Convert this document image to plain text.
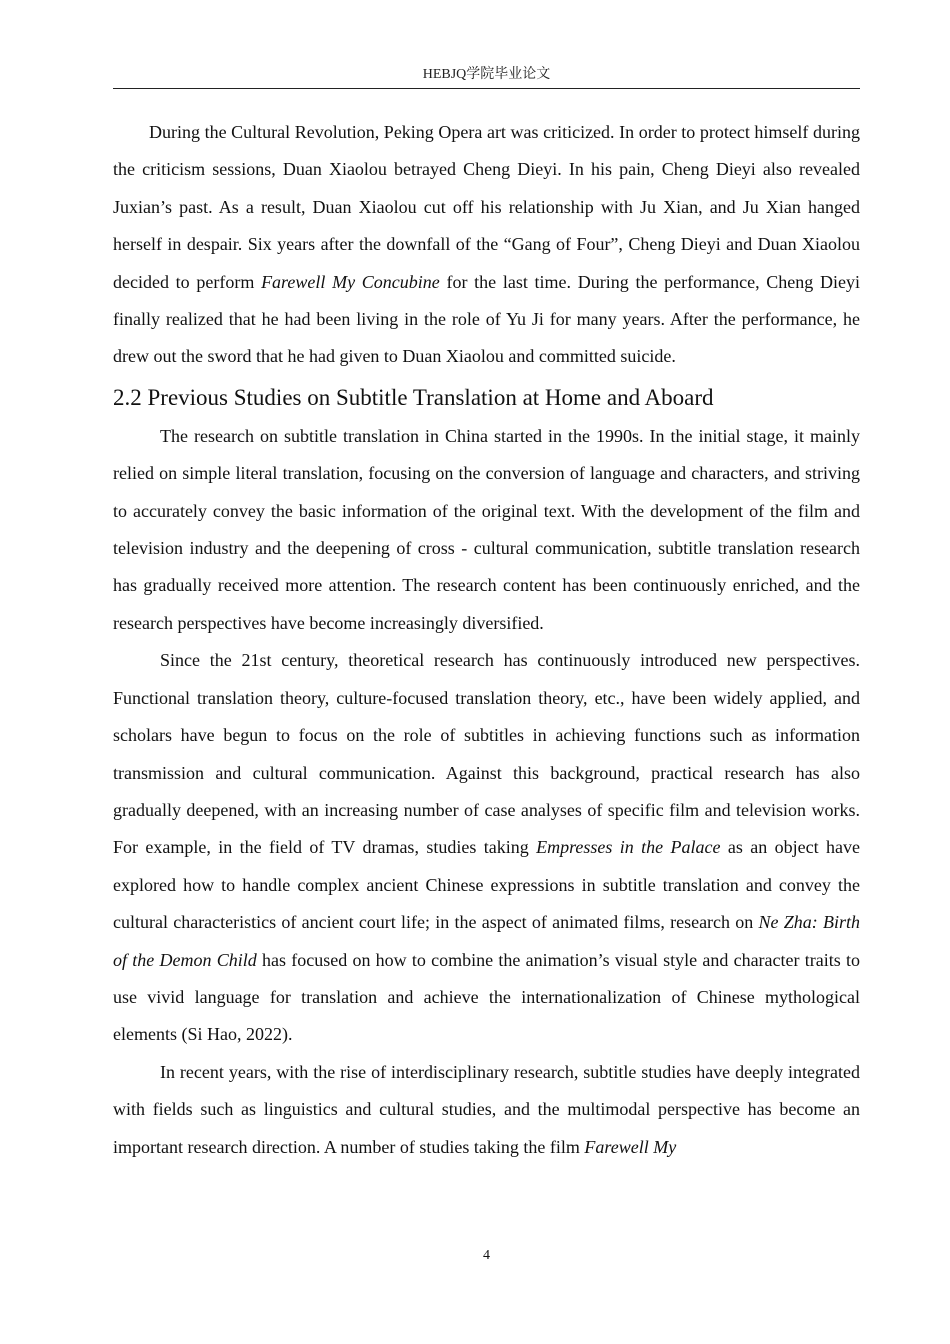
HEBJQ学院毕业论文

During the Cultural Revolution, Peking Opera art was criticized. In order to protect himself during the criticism sessions, Duan Xiaolou betrayed Cheng Dieyi. In his pain, Cheng Dieyi also revealed Juxian’s past. As a result, Duan Xiaolou cut off his relationship with Ju Xian, and Ju Xian hanged herself in despair. Six years after the downfall of the “Gang of Four”, Cheng Dieyi and Duan Xiaolou decided to perform Farewell My Concubine for the last time. During the performance, Cheng Dieyi finally realized that he had been living in the role of Yu Ji for many years. After the performance, he drew out the sword that he had given to Duan Xiaolou and committed suicide.

2.2 Previous Studies on Subtitle Translation at Home and Aboard

The research on subtitle translation in China started in the 1990s. In the initial stage, it mainly relied on simple literal translation, focusing on the conversion of language and characters, and striving to accurately convey the basic information of the original text. With the development of the film and television industry and the deepening of cross - cultural communication, subtitle translation research has gradually received more attention. The research content has been continuously enriched, and the research perspectives have become increasingly diversified.

Since the 21st century, theoretical research has continuously introduced new perspectives. Functional translation theory, culture-focused translation theory, etc., have been widely applied, and scholars have begun to focus on the role of subtitles in achieving functions such as information transmission and cultural communication. Against this background, practical research has also gradually deepened, with an increasing number of case analyses of specific film and television works. For example, in the field of TV dramas, studies taking Empresses in the Palace as an object have explored how to handle complex ancient Chinese expressions in subtitle translation and convey the cultural characteristics of ancient court life; in the aspect of animated films, research on Ne Zha: Birth of the Demon Child has focused on how to combine the animation’s visual style and character traits to use vivid language for translation and achieve the internationalization of Chinese mythological elements (Si Hao, 2022).

In recent years, with the rise of interdisciplinary research, subtitle studies have deeply integrated with fields such as linguistics and cultural studies, and the multimodal perspective has become an important research direction. A number of studies taking the film Farewell My

4
